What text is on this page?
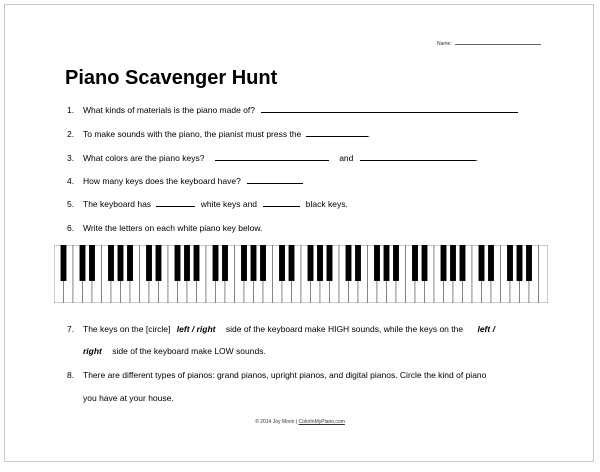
Name:
Piano Scavenger Hunt
1. What kinds of materials is the piano made of?
2. To make sounds with the piano, the pianist must press the	.
3. What colors are the piano keys?	and	.
4. How many keys does the keyboard have?
5. The keyboard has	white keys and	black keys.
6. Write the letters on each white piano key below.
7. The keys on the [circle] left / right side of the keyboard make HIGH sounds, while the keys on the left /
right side of the keyboard make LOW sounds.
8. There are different types of pianos: grand pianos, upright pianos, and digital pianos. Circle the kind of piano
you have at your house.
© 2014 Joy Morin | ColorInMyPiano.com
